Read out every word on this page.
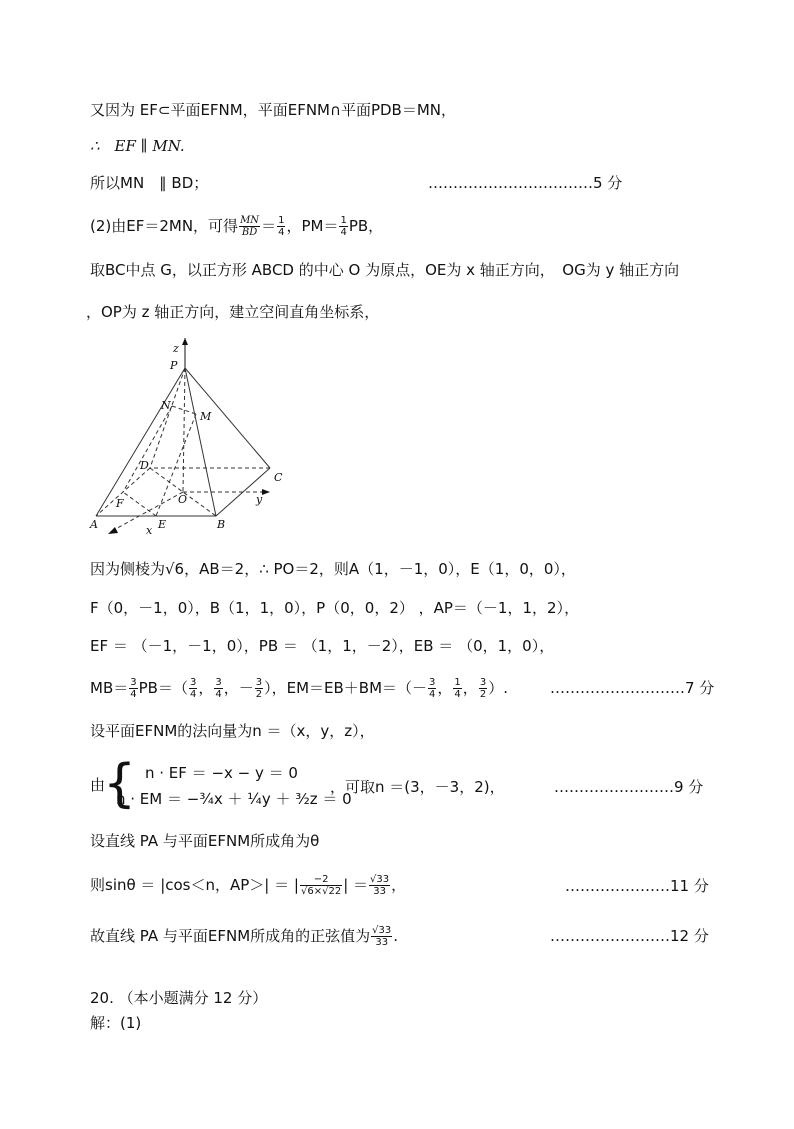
又因为 EF⊂平面EFNM，平面EFNM∩平面PDB＝MN，
∴　EF ∥ MN.
所以MN　∥ BD；	……………………………5 分
(2)由EF＝2MN，可得 $\frac{MN}{BD} = \frac{1}{4}$ ，$PM= \frac{1}{4}$ PB，
取BC中点 G，以正方形 ABCD 的中心 O 为原点，OE为 x 轴正方向，　OG为 y 轴正方向
，OP为 z 轴正方向，建立空间直角坐标系，
z
P
N
M
D
C
O	y
F
A	E	B
x
因为侧棱为√6，AB＝2，∴ PO＝2，则A（1，－1，0），E（1，0，0），
F（0，－1，0），B（1，1，0），P（0，0，2） ，AP＝（－1，1，2），
EF ＝ （－1，－1，0），PB ＝ （1，1，－2），EB ＝ （0，1，0），
$MB= \frac{3}{4} PB=( \frac{3}{4}$ ， $\frac{3}{4}$ ，－ $\frac{3}{2}$ ），$EM=EB+BM=(- \frac{3}{4}$ ， $\frac{1}{4}$ ， $\frac{3}{2}$ ）.	………………………7 分
设平面EFNM的法向量为n ＝（x，y，z），
由
{ n · EF ＝ −x − y ＝ 0
n · EM ＝ −¾x ＋ ¼y ＋ ³⁄₂z ＝ 0
，可取n ＝(3，－3，2)，	……………………9 分
设直线 PA 与平面EFNM所成角为θ
则sinθ ＝ |cos＜n，AP＞| ＝ | $\frac{-2}{√6\times√22}$ | ＝ $\frac{√33}{33}$ ，	…………………11 分
故直线 PA 与平面EFNM所成角的正弦值为 $\frac{√33}{33}$ .	……………………12 分
20. （本小题满分 12 分）
解：(1)
